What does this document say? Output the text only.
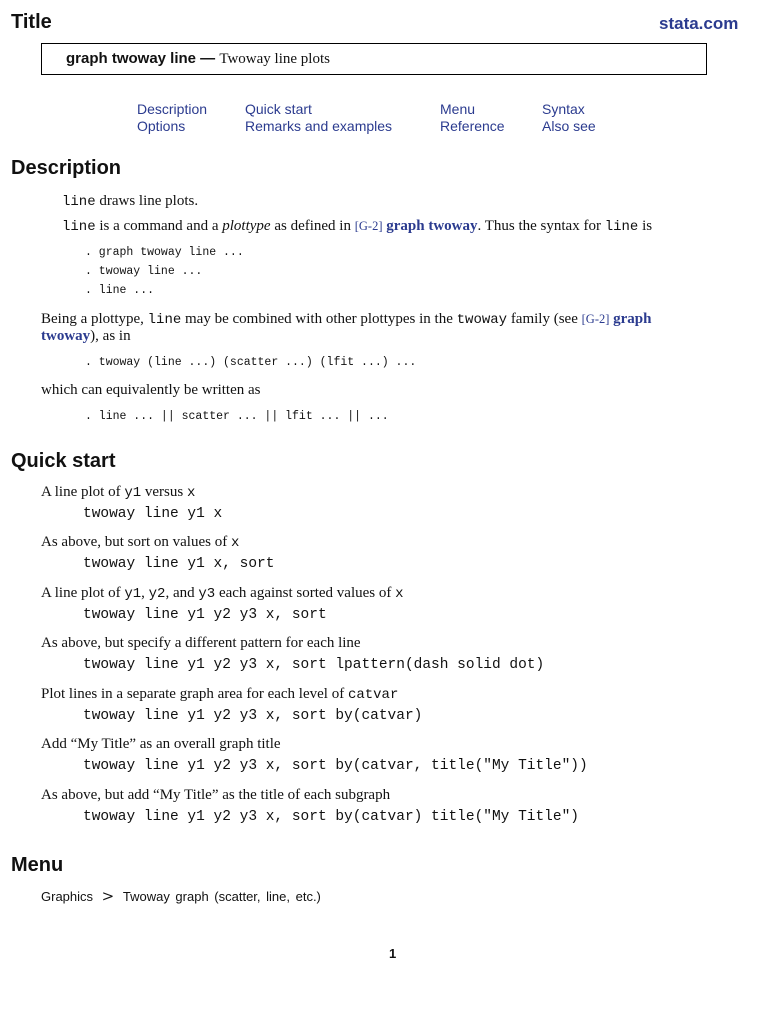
Title	stata.com
graph twoway line — Twoway line plots
Description	Quick start	Menu	Syntax
Options	Remarks and examples	Reference	Also see
Description
line draws line plots.
line is a command and a plottype as defined in [G-2] graph twoway. Thus the syntax for line is
. graph twoway line ...
. twoway line ...
. line ...
Being a plottype, line may be combined with other plottypes in the twoway family (see [G-2] graph
twoway), as in
. twoway (line ...) (scatter ...) (lfit ...) ...
which can equivalently be written as
. line ... || scatter ... || lfit ... || ...
Quick start
A line plot of y1 versus x
twoway line y1 x
As above, but sort on values of x
twoway line y1 x, sort
A line plot of y1, y2, and y3 each against sorted values of x
twoway line y1 y2 y3 x, sort
As above, but specify a different pattern for each line
twoway line y1 y2 y3 x, sort lpattern(dash solid dot)
Plot lines in a separate graph area for each level of catvar
twoway line y1 y2 y3 x, sort by(catvar)
Add “My Title” as an overall graph title
twoway line y1 y2 y3 x, sort by(catvar, title("My Title"))
As above, but add “My Title” as the title of each subgraph
twoway line y1 y2 y3 x, sort by(catvar) title("My Title")
Menu
Graphics > Twoway graph (scatter, line, etc.)
1
